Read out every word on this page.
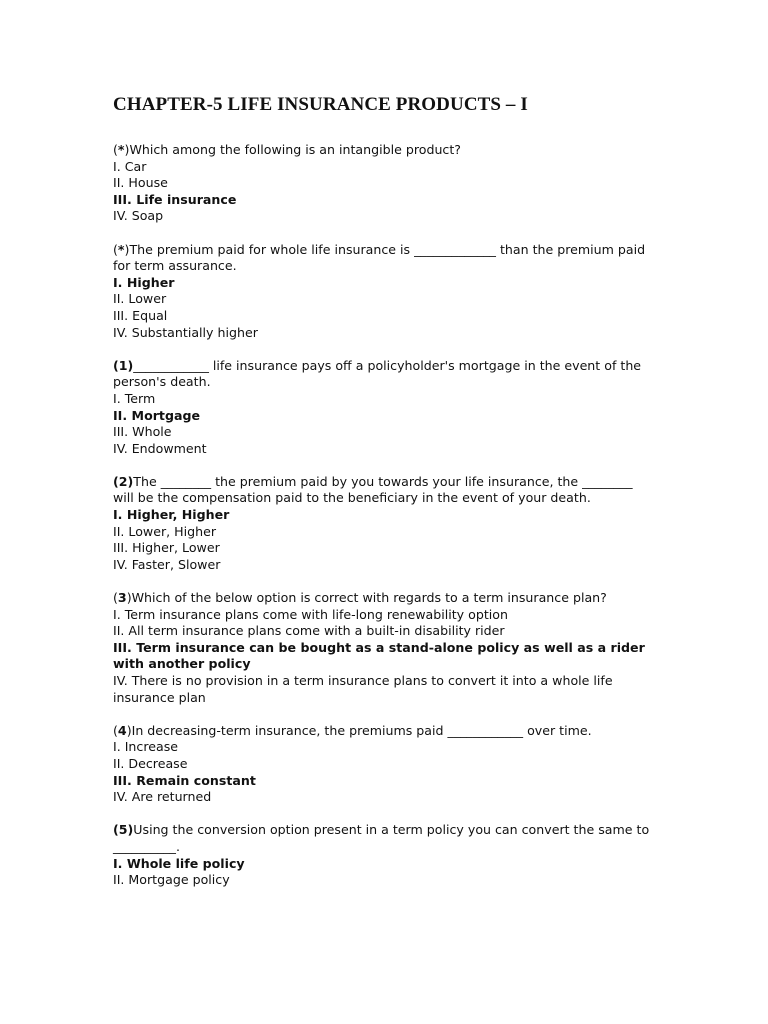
CHAPTER-5 LIFE INSURANCE PRODUCTS – I

(*)Which among the following is an intangible product?

I. Car

II. House

III. Life insurance

IV. Soap

(*)The premium paid for whole life insurance is _____________ than the premium paid for term assurance.

I. Higher

II. Lower

III. Equal

IV. Substantially higher

(1)____________ life insurance pays off a policyholder's mortgage in the event of the person's death.

I. Term

II. Mortgage

III. Whole

IV. Endowment

(2)The ________ the premium paid by you towards your life insurance, the ________ will be the compensation paid to the beneficiary in the event of your death.

I. Higher, Higher

II. Lower, Higher

III. Higher, Lower

IV. Faster, Slower

(3)Which of the below option is correct with regards to a term insurance plan?

I. Term insurance plans come with life-long renewability option

II. All term insurance plans come with a built-in disability rider

III. Term insurance can be bought as a stand-alone policy as well as a rider with another policy

IV. There is no provision in a term insurance plans to convert it into a whole life insurance plan

(4)In decreasing-term insurance, the premiums paid ____________ over time.

I. Increase

II. Decrease

III. Remain constant

IV. Are returned

(5)Using the conversion option present in a term policy you can convert the same to __________.

I. Whole life policy

II. Mortgage policy
